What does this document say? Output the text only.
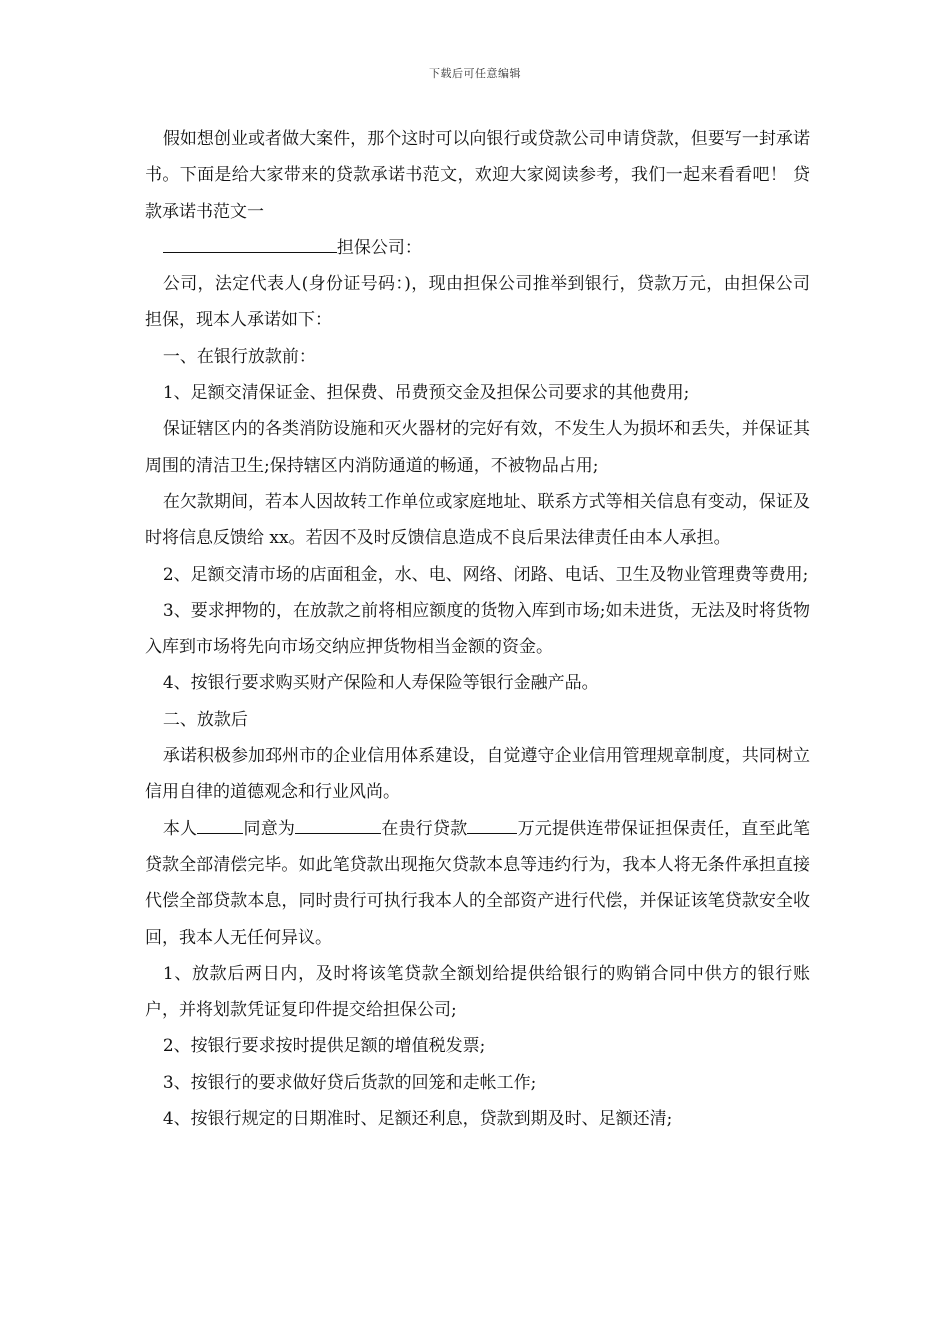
下载后可任意编辑

假如想创业或者做大案件，那个这时可以向银行或贷款公司申请贷款，但要写一封承诺书。下面是给大家带来的贷款承诺书范文，欢迎大家阅读参考，我们一起来看看吧！ 贷款承诺书范文一

担保公司：

公司，法定代表人(身份证号码：)，现由担保公司推举到银行，贷款万元，由担保公司担保，现本人承诺如下：

一、在银行放款前：

1、足额交清保证金、担保费、吊费预交金及担保公司要求的其他费用;

保证辖区内的各类消防设施和灭火器材的完好有效，不发生人为损坏和丢失，并保证其周围的清洁卫生;保持辖区内消防通道的畅通，不被物品占用;

在欠款期间，若本人因故转工作单位或家庭地址、联系方式等相关信息有变动，保证及时将信息反馈给 xx。若因不及时反馈信息造成不良后果法律责任由本人承担。

2、足额交清市场的店面租金，水、电、网络、闭路、电话、卫生及物业管理费等费用;

3、要求押物的，在放款之前将相应额度的货物入库到市场;如未进货，无法及时将货物入库到市场将先向市场交纳应押货物相当金额的资金。

4、按银行要求购买财产保险和人寿保险等银行金融产品。

二、放款后

承诺积极参加邳州市的企业信用体系建设，自觉遵守企业信用管理规章制度，共同树立信用自律的道德观念和行业风尚。

本人	同意为	在贵行贷款	万元提供连带保证担保责任，直至此笔贷款全部清偿完毕。如此笔贷款出现拖欠贷款本息等违约行为，我本人将无条件承担直接代偿全部贷款本息，同时贵行可执行我本人的全部资产进行代偿，并保证该笔贷款安全收回，我本人无任何异议。

1、放款后两日内，及时将该笔贷款全额划给提供给银行的购销合同中供方的银行账户，并将划款凭证复印件提交给担保公司;

2、按银行要求按时提供足额的增值税发票;

3、按银行的要求做好贷后货款的回笼和走帐工作;

4、按银行规定的日期准时、足额还利息，贷款到期及时、足额还清;
